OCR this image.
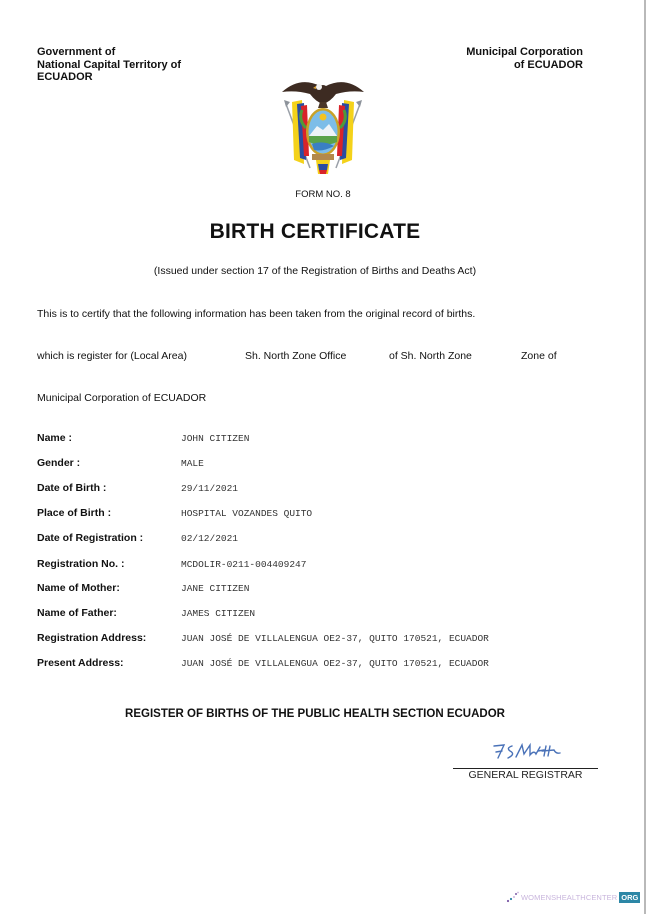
Government of
National Capital Territory of
ECUADOR
Municipal Corporation
of ECUADOR
FORM NO. 8
BIRTH CERTIFICATE
(Issued under section 17 of the Registration of Births and Deaths Act)
This is to certify that the following information has been taken from the original record of births.
which is register for (Local Area)	Sh. North Zone Office	of Sh. North Zone	Zone of
Municipal Corporation of ECUADOR
Name :	JOHN CITIZEN
Gender :	MALE
Date of Birth :	29/11/2021
Place of Birth :	HOSPITAL VOZANDES QUITO
Date of Registration :	02/12/2021
Registration No. :	MCDOLIR-0211-004409247
Name of Mother:	JANE CITIZEN
Name of Father:	JAMES CITIZEN
Registration Address:	JUAN JOSÉ DE VILLALENGUA OE2-37, QUITO 170521, ECUADOR
Present Address:	JUAN JOSÉ DE VILLALENGUA OE2-37, QUITO 170521, ECUADOR
REGISTER OF BIRTHS OF THE PUBLIC HEALTH SECTION ECUADOR
GENERAL REGISTRAR
WOMENSHEALTHCENTER ORG
